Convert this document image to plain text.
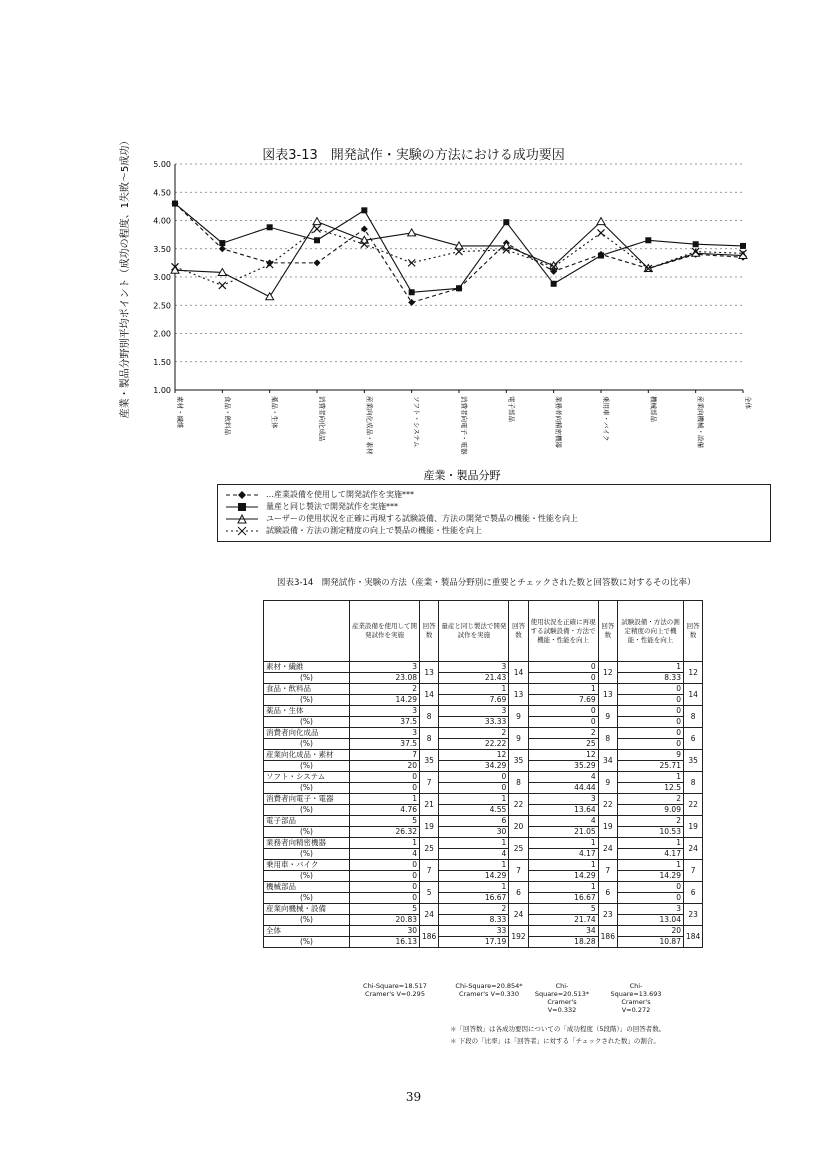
図表3-13　開発試作・実験の方法における成功要因
1.00
1.50
2.00
2.50
3.00
3.50
4.00
4.50
5.00
素材・繊維	食品・飲料品	薬品・生体	消費者向化成品	産業向化成品・素材	ソフト・システム	消費者向電子・電器	電子部品	業務者向精密機器	乗用車・バイク	機械部品	産業向機械・設備	全体
産業・製品分野別平均ポイント（成功の程度、1失敗～5成功）
産業・製品分野
…産業設備を使用して開発試作を実施***
量産と同じ製法で開発試作を実施***
ユーザーの使用状況を正確に再現する試験設備、方法の開発で製品の機能・性能を向上
試験設備・方法の測定精度の向上で製品の機能・性能を向上
図表3-14　開発試作・実験の方法（産業・製品分野別に重要とチェックされた数と回答数に対するその比率）
	産業設備を使用して開発試作を実施	回答数	量産と同じ製法で開発試作を実施	回答数	使用状況を正確に再現する試験設備・方法で機能・性能を向上	回答数	試験設備・方法の測定精度の向上で機能・性能を向上	回答数
素材・繊維	3	13	3	14	0	12	1	12
(%)	23.08		21.43		0		8.33	
食品・飲料品	2	14	1	13	1	13	0	14
(%)	14.29		7.69		7.69		0	
薬品・生体	3	8	3	9	0	9	0	8
(%)	37.5		33.33		0		0	
消費者向化成品	3	8	2	9	2	8	0	6
(%)	37.5		22.22		25		0	
産業向化成品・素材	7	35	12	35	12	34	9	35
(%)	20		34.29		35.29		25.71	
ソフト・システム	0	7	0	8	4	9	1	8
(%)	0		0		44.44		12.5	
消費者向電子・電器	1	21	1	22	3	22	2	22
(%)	4.76		4.55		13.64		9.09	
電子部品	5	19	6	20	4	19	2	19
(%)	26.32		30		21.05		10.53	
業務者向精密機器	1	25	1	25	1	24	1	24
(%)	4		4		4.17		4.17	
乗用車・バイク	0	7	1	7	1	7	1	7
(%)	0		14.29		14.29		14.29	
機械部品	0	5	1	6	1	6	0	6
(%)	0		16.67		16.67		0	
産業向機械・設備	5	24	2	24	5	23	3	23
(%)	20.83		8.33		21.74		13.04	
全体	30	186	33	192	34	186	20	184
(%)	16.13		17.19		18.28		10.87	
Chi-Square=18.517
Cramer's V=0.295
Chi-Square=20.854*
Cramer's V=0.330
Chi-
Square=20.513*
Cramer's
V=0.332
Chi-
Square=13.693
Cramer's
V=0.272
＊「回答数」は各成功要因についての「成功程度（5段階）」の回答者数。
＊ 下段の「比率」は「回答者」に対する「チェックされた数」の割合。
39
